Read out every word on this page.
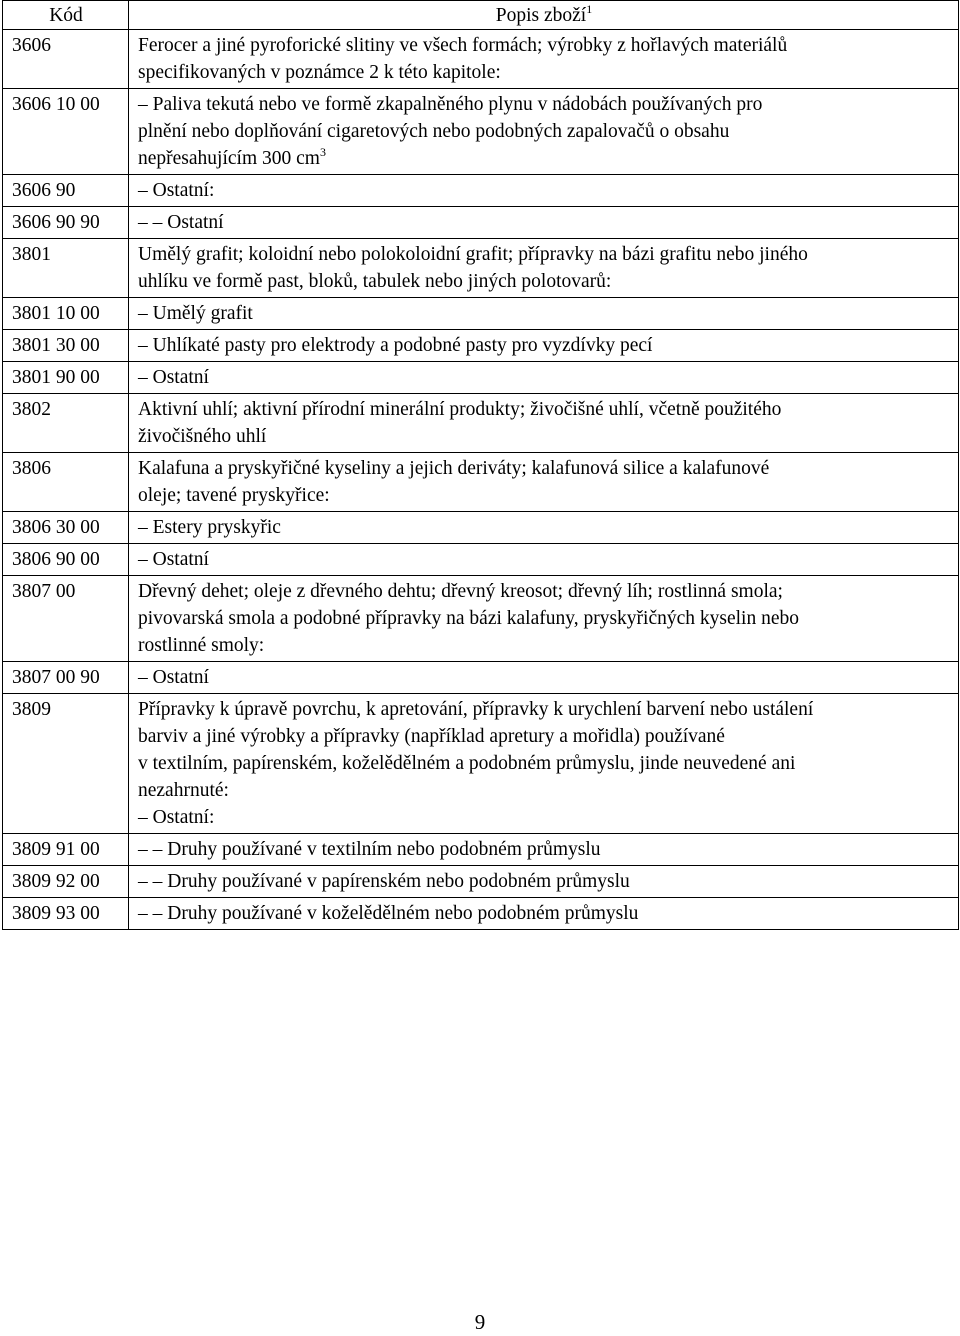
Kód	Popis zboží$^1$
3606	Ferocer a jiné pyroforické slitiny ve všech formách; výrobky z hořlavých materiálů
specifikovaných v poznámce 2 k této kapitole:

3606 10 00	– Paliva tekutá nebo ve formě zkapalněného plynu v nádobách používaných pro
plnění nebo doplňování cigaretových nebo podobných zapalovačů o obsahu
nepřesahujícím 300 $cm^3$

3606 90	– Ostatní:

3606 90 90	– – Ostatní

3801	Umělý grafit; koloidní nebo polokoloidní grafit; přípravky na bázi grafitu nebo jiného
uhlíku ve formě past, bloků, tabulek nebo jiných polotovarů:

3801 10 00	– Umělý grafit

3801 30 00	– Uhlíkaté pasty pro elektrody a podobné pasty pro vyzdívky pecí

3801 90 00	– Ostatní

3802	Aktivní uhlí; aktivní přírodní minerální produkty; živočišné uhlí, včetně použitého
živočišného uhlí

3806	Kalafuna a pryskyřičné kyseliny a jejich deriváty; kalafunová silice a kalafunové
oleje; tavené pryskyřice:

3806 30 00	– Estery pryskyřic

3806 90 00	– Ostatní

3807 00	Dřevný dehet; oleje z dřevného dehtu; dřevný kreosot; dřevný líh; rostlinná smola;
pivovarská smola a podobné přípravky na bázi kalafuny, pryskyřičných kyselin nebo
rostlinné smoly:

3807 00 90	– Ostatní

3809	Přípravky k úpravě povrchu, k apretování, přípravky k urychlení barvení nebo ustálení
barviv a jiné výrobky a přípravky (například apretury a mořidla) používané
v textilním, papírenském, koželědělném a podobném průmyslu, jinde neuvedené ani
nezahrnuté:
– Ostatní:

3809 91 00	– – Druhy používané v textilním nebo podobném průmyslu

3809 92 00	– – Druhy používané v papírenském nebo podobném průmyslu

3809 93 00	– – Druhy používané v koželědělném nebo podobném průmyslu
9
